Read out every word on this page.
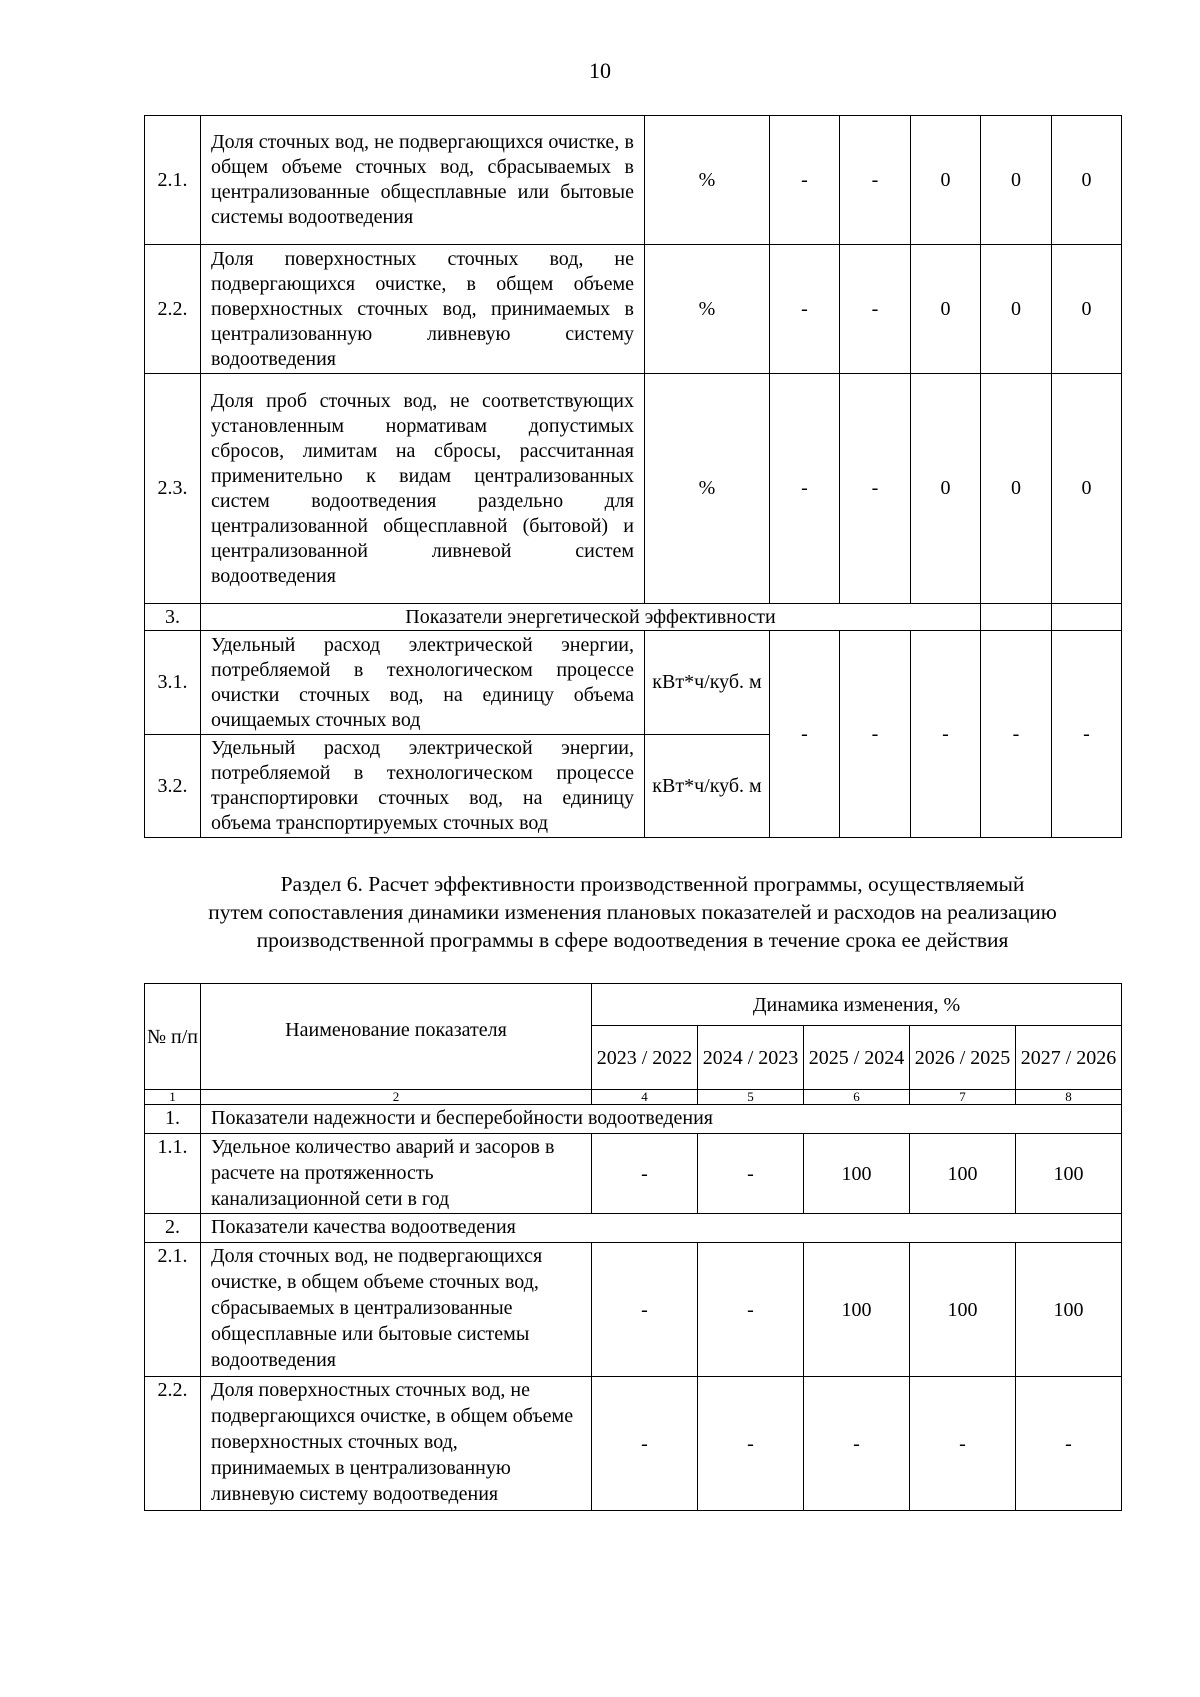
10
2.1.	Доля сточных вод, не подвергающихся очистке, в общем объеме сточных вод, сбрасываемых в централизованные общесплавные или бытовые системы водоотведения	%	-	-	0	0	0
2.2.	Доля поверхностных сточных вод, не подвергающихся очистке, в общем объеме поверхностных сточных вод, принимаемых в централизованную ливневую систему водоотведения	%	-	-	0	0	0
2.3.	Доля проб сточных вод, не соответствующих установленным нормативам допустимых сбросов, лимитам на сбросы, рассчитанная применительно к видам централизованных систем водоотведения раздельно для централизованной общесплавной (бытовой) и централизованной ливневой систем водоотведения	%	-	-	0	0	0
3.	Показатели энергетической эффективности						
3.1.	Удельный расход электрической энергии, потребляемой в технологическом процессе очистки сточных вод, на единицу объема очищаемых сточных вод	кВт*ч/куб. м	-	-	-	-	-
3.2.	Удельный расход электрической энергии, потребляемой в технологическом процессе транспортировки сточных вод, на единицу объема транспортируемых сточных вод	кВт*ч/куб. м					
Раздел 6. Расчет эффективности производственной программы, осуществляемый
путем сопоставления динамики изменения плановых показателей и расходов на реализацию
производственной программы в сфере водоотведения в течение срока ее действия
№ п/п	Наименование показателя	Динамика изменения, %				
		2023 / 2022	2024 / 2023	2025 / 2024	2026 / 2025	2027 / 2026
1	2	4	5	6	7	8
1.	Показатели надежности и бесперебойности водоотведения					
1.1.	Удельное количество аварий и засоров в расчете на протяженность канализационной сети в год	-	-	100	100	100
2.	Показатели качества водоотведения					
2.1.	Доля сточных вод, не подвергающихся очистке, в общем объеме сточных вод, сбрасываемых в централизованные общесплавные или бытовые системы водоотведения	-	-	100	100	100
2.2.	Доля поверхностных сточных вод, не подвергающихся очистке, в общем объеме поверхностных сточных вод, принимаемых в централизованную ливневую систему водоотведения	-	-	-	-	-
